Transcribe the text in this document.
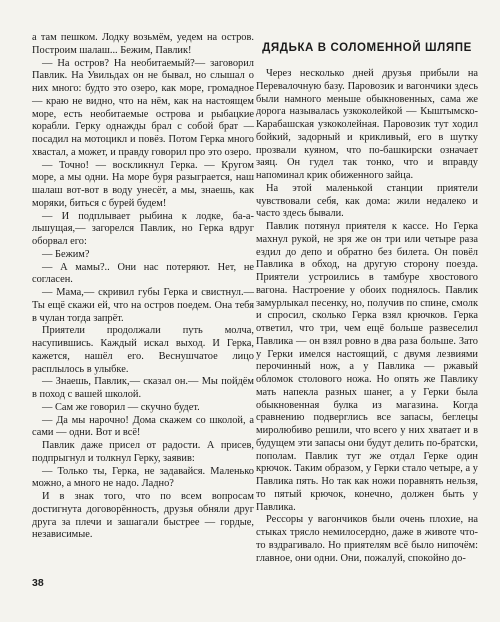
а там пешком. Лодку возьмём, уедем на остров. Построим шалаш... Бежим, Павлик!

— На остров? На необитаемый?— заговорил Павлик. На Увильдах он не бывал, но слышал о них много: будто это озеро, как море, громадное — краю не видно, что на нём, как на настоящем море, есть необитаемые острова и рыбацкие корабли. Герку однажды брал с собой брат — посадил на мотоцикл и повёз. Потом Герка много хвастал, а может, и правду говорил про это озеро.

— Точно! — воскликнул Герка. — Кругом море, а мы одни. На море буря разыграется, наш шалаш вот-вот в воду унесёт, а мы, знаешь, как моряки, биться с бурей будем!

— И подплывает рыбина к лодке, ба-а-льшущая,— загорелся Павлик, но Герка вдруг оборвал его:

— Бежим?

— А мамы?.. Они нас потеряют. Нет, не согласен.

— Мама,— скривил губы Герка и свистнул.— Ты ещё скажи ей, что на остров поедем. Она тебя в чулан тогда запрёт.

Приятели продолжали путь молча, насупившись. Каждый искал выход. И Герка, кажется, нашёл его. Веснушчатое лицо расплылось в улыбке.

— Знаешь, Павлик,— сказал он.— Мы пойдём в поход с вашей школой.

— Сам же говорил — скучно будет.

— Да мы нарочно! Дома скажем со школой, а сами — одни. Вот и всё!

Павлик даже присел от радости. А присев, подпрыгнул и толкнул Герку, заявив:

— Только ты, Герка, не задавайся. Маленько можно, а много не надо. Ладно?

И в знак того, что по всем вопросам достигнута договорённость, друзья обняли друг друга за плечи и зашагали быстрее — гордые, независимые.

ДЯДЬКА В СОЛОМЕННОЙ ШЛЯПЕ

Через несколько дней друзья прибыли на Перевалочную базу. Паровозик и вагончики здесь были намного меньше обыкновенных, сама же дорога называлась узкоколейкой — Кыштымско-Карабашская узкоколейная. Паровозик тут ходил бойкий, задорный и крикливый, его в шутку прозвали куяном, что по-башкирски означает заяц. Он гудел так тонко, что и вправду напоминал крик обиженного зайца.

На этой маленькой станции приятели чувствовали себя, как дома: жили недалеко и часто здесь бывали.

Павлик потянул приятеля к кассе. Но Герка махнул рукой, не зря же он три или четыре раза ездил до депо и обратно без билета. Он повёл Павлика в обход, на другую сторону поезда. Приятели устроились в тамбуре хвостового вагона. Настроение у обоих поднялось. Павлик замурлыкал песенку, но, получив по спине, смолк и спросил, сколько Герка взял крючков. Герка ответил, что три, чем ещё больше развеселил Павлика — он взял ровно в два раза больше. Зато у Герки имелся настоящий, с двумя лезвиями перочинный нож, а у Павлика — ржавый обломок столового ножа. Но опять же Павлику мать напекла разных шанег, а у Герки была обыкновенная булка из магазина. Когда сравнению подверглись все запасы, беглецы миролюбиво решили, что всего у них хватает и в будущем эти запасы они будут делить по-братски, пополам. Павлик тут же отдал Герке один крючок. Таким образом, у Герки стало четыре, а у Павлика пять. Но так как ножи поравнять нельзя, то пятый крючок, конечно, должен быть у Павлика.

Рессоры у вагончиков были очень плохие, на стыках трясло немилосердно, даже в животе что-то вздрагивало. Но приятелям всё было нипочём: главное, они одни. Они, пожалуй, спокойно до-

38
